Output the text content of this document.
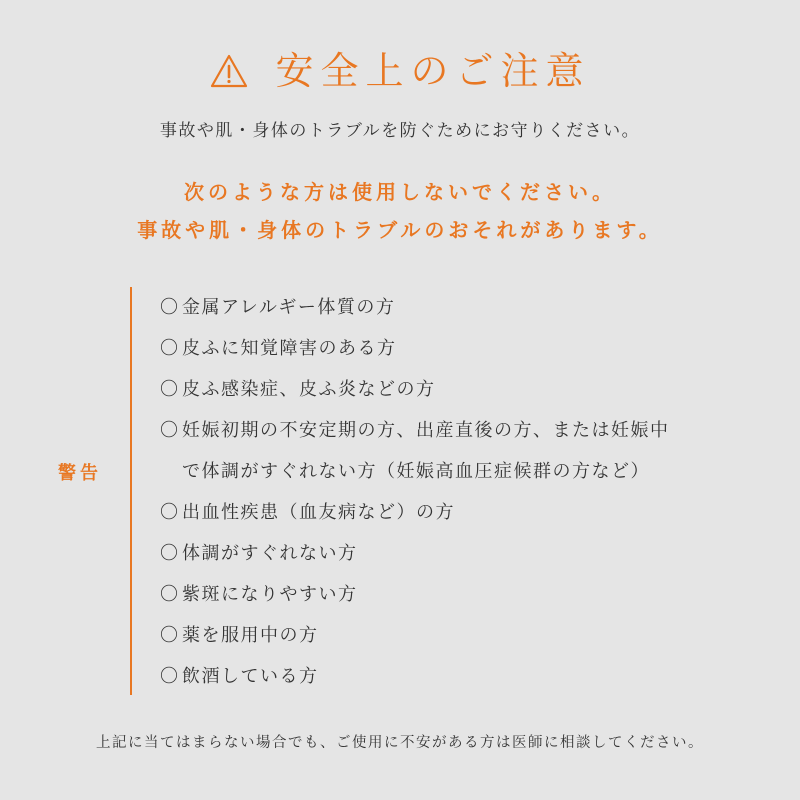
安全上のご注意
事故や肌・身体のトラブルを防ぐためにお守りください。
次のような方は使用しないでください。
事故や肌・身体のトラブルのおそれがあります。
警告
〇 金属アレルギー体質の方
〇 皮ふに知覚障害のある方
〇 皮ふ感染症、皮ふ炎などの方
〇 妊娠初期の不安定期の方、出産直後の方、または妊娠中
で体調がすぐれない方（妊娠高血圧症候群の方など）
〇 出血性疾患（血友病など）の方
〇 体調がすぐれない方
〇 紫斑になりやすい方
〇 薬を服用中の方
〇 飲酒している方
上記に当てはまらない場合でも、ご使用に不安がある方は医師に相談してください。
